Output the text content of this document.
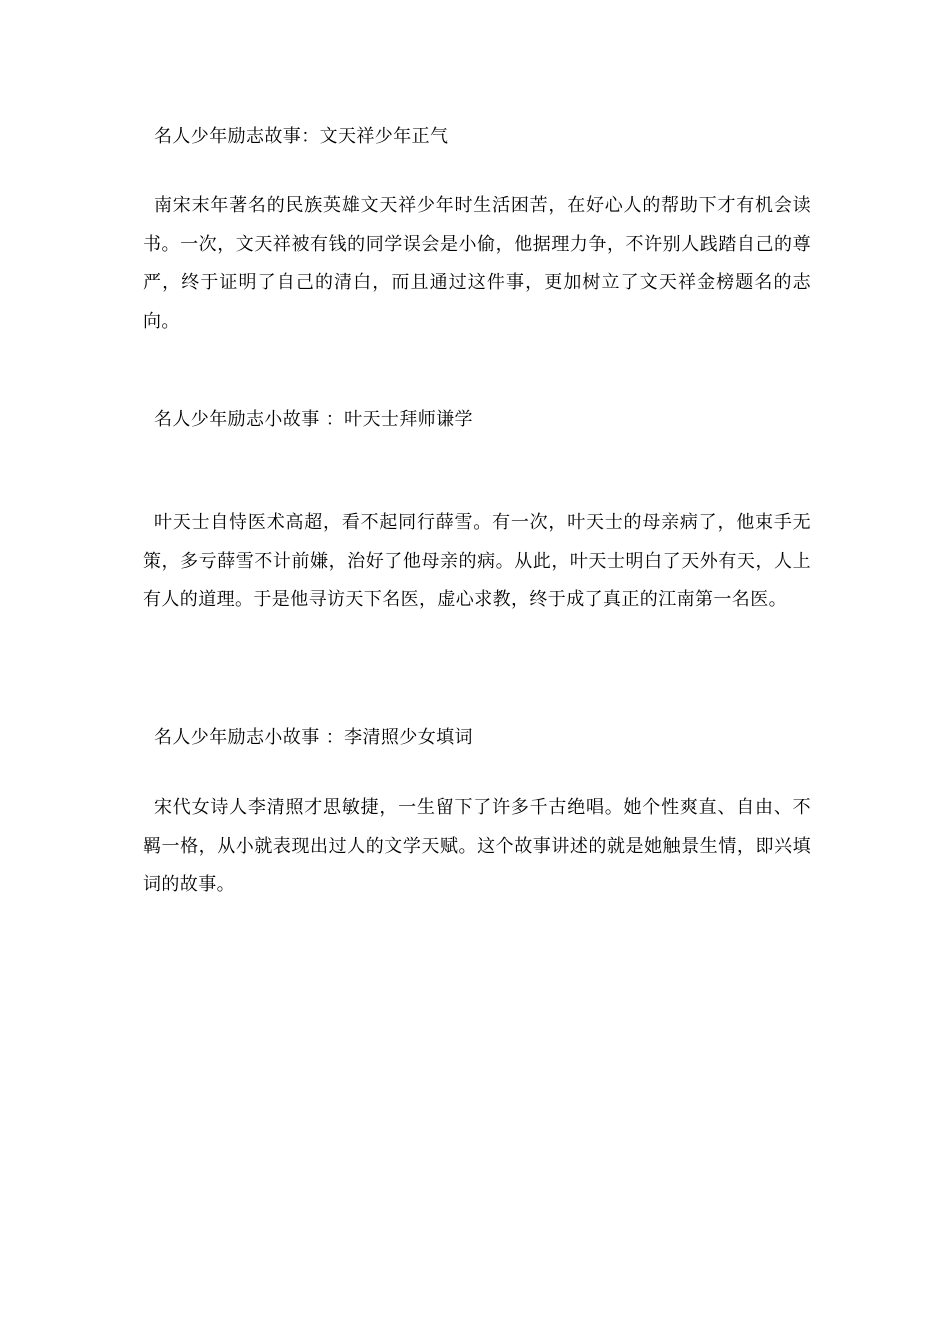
名人少年励志故事：文天祥少年正气

南宋末年著名的民族英雄文天祥少年时生活困苦，在好心人的帮助下才有机会读书。一次，文天祥被有钱的同学误会是小偷，他据理力争，不许别人践踏自己的尊严，终于证明了自己的清白，而且通过这件事，更加树立了文天祥金榜题名的志向。

名人少年励志小故事 ：叶天士拜师谦学

叶天士自恃医术高超，看不起同行薛雪。有一次，叶天士的母亲病了，他束手无策，多亏薛雪不计前嫌，治好了他母亲的病。从此，叶天士明白了天外有天，人上有人的道理。于是他寻访天下名医，虚心求教，终于成了真正的江南第一名医。

名人少年励志小故事 ：李清照少女填词

宋代女诗人李清照才思敏捷，一生留下了许多千古绝唱。她个性爽直、自由、不羁一格，从小就表现出过人的文学天赋。这个故事讲述的就是她触景生情，即兴填词的故事。
